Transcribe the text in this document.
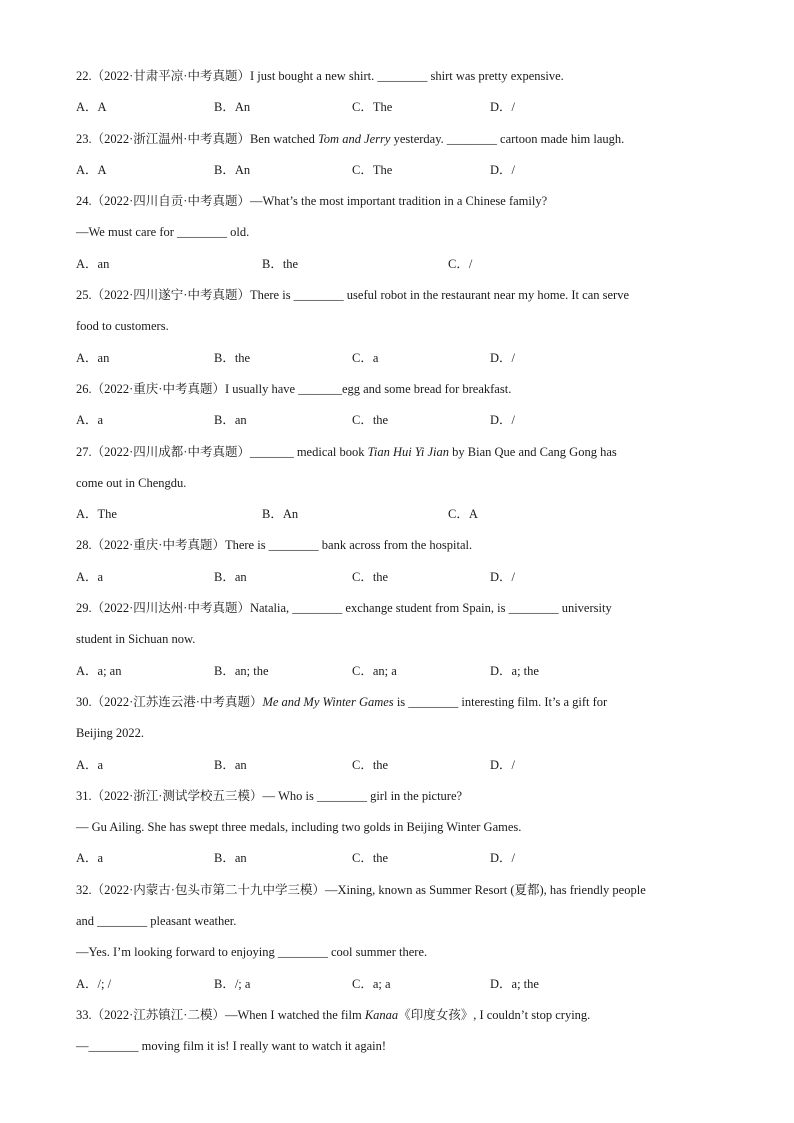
22.（2022·甘肃平凉·中考真题）I just bought a new shirt. ________ shirt was pretty expensive.
A．A	B．An	C．The	D．/
23.（2022·浙江温州·中考真题）Ben watched Tom and Jerry yesterday. ________ cartoon made him laugh.
A．A	B．An	C．The	D．/
24.（2022·四川自贡·中考真题）—What’s the most important tradition in a Chinese family?
—We must care for ________ old.
A．an	B．the	C．/
25.（2022·四川遂宁·中考真题）There is ________ useful robot in the restaurant near my home. It can serve
food to customers.
A．an	B．the	C．a	D．/
26.（2022·重庆·中考真题）I usually have _______egg and some bread for breakfast.
A．a	B．an	C．the	D．/
27.（2022·四川成都·中考真题）_______ medical book Tian Hui Yi Jian by Bian Que and Cang Gong has
come out in Chengdu.
A．The	B．An	C．A
28.（2022·重庆·中考真题）There is ________ bank across from the hospital.
A．a	B．an	C．the	D．/
29.（2022·四川达州·中考真题）Natalia, ________ exchange student from Spain, is ________ university
student in Sichuan now.
A．a; an	B．an; the	C．an; a	D．a; the
30.（2022·江苏连云港·中考真题）Me and My Winter Games is ________ interesting film. It’s a gift for
Beijing 2022.
A．a	B．an	C．the	D．/
31.（2022·浙江·测试学校五三模）— Who is ________ girl in the picture?
— Gu Ailing. She has swept three medals, including two golds in Beijing Winter Games.
A．a	B．an	C．the	D．/
32.（2022·内蒙古·包头市第二十九中学三模）—Xining, known as Summer Resort (夏都), has friendly people
and ________ pleasant weather.
—Yes. I’m looking forward to enjoying ________ cool summer there.
A．/; /	B．/; a	C．a; a	D．a; the
33.（2022·江苏镇江·二模）—When I watched the film Kanaa《印度女孩》, I couldn’t stop crying.
—________ moving film it is! I really want to watch it again!
